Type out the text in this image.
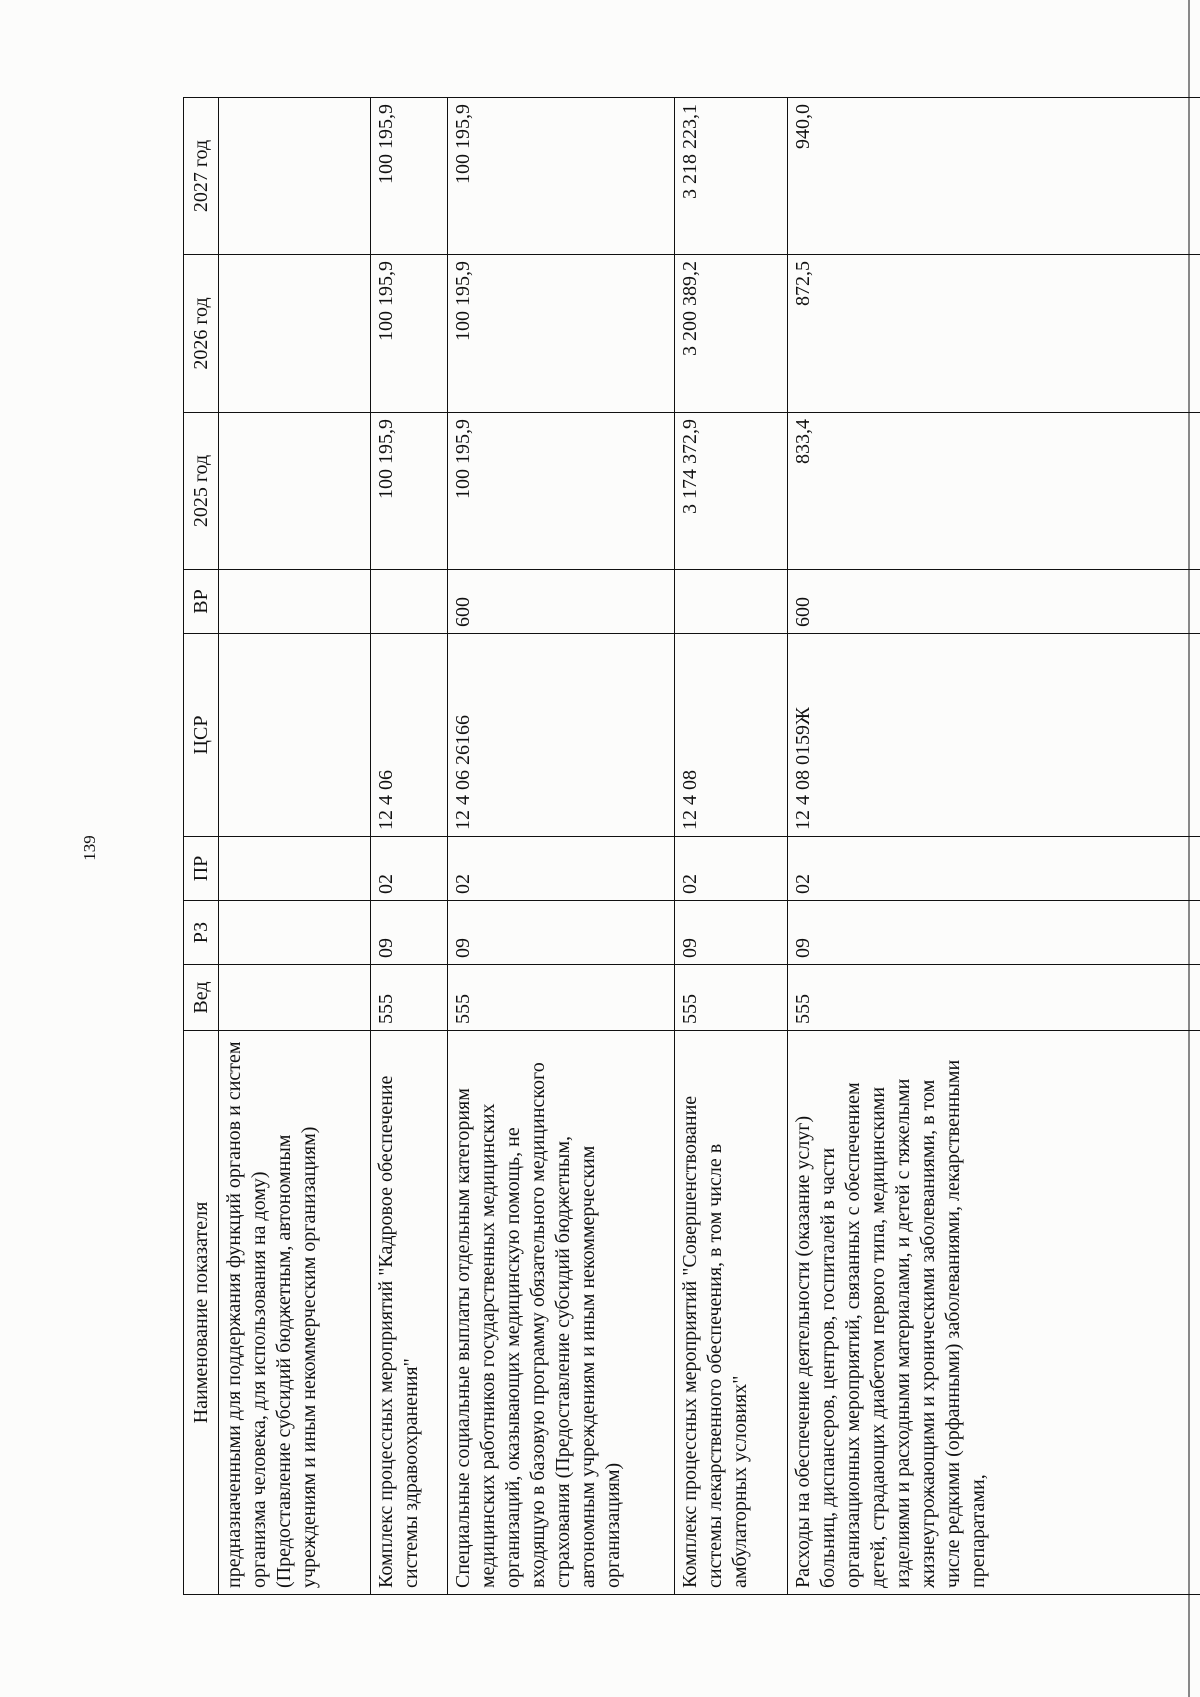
139
Наименование показателя	Вед	РЗ	ПР	ЦСР	ВР	2025 год	2026 год	2027 год
предназначенными для поддержания функций органов и систем организма человека, для использования на дому) (Предоставление субсидий бюджетным, автономным учреждениям и иным некоммерческим организациям)								
Комплекс процессных мероприятий "Кадровое обеспечение системы здравоохранения"	555	09	02	12 4 06		100 195,9	100 195,9	100 195,9
Специальные социальные выплаты отдельным категориям медицинских работников государственных медицинских организаций, оказывающих медицинскую помощь, не входящую в базовую программу обязательного медицинского страхования (Предоставление субсидий бюджетным, автономным учреждениям и иным некоммерческим организациям)	555	09	02	12 4 06 26166	600	100 195,9	100 195,9	100 195,9
Комплекс процессных мероприятий "Совершенствование системы лекарственного обеспечения, в том числе в амбулаторных условиях"	555	09	02	12 4 08		3 174 372,9	3 200 389,2	3 218 223,1
Расходы на обеспечение деятельности (оказание услуг) больниц, диспансеров, центров, госпиталей в части организационных мероприятий, связанных с обеспечением детей, страдающих диабетом первого типа, медицинскими изделиями и расходными материалами, и детей с тяжелыми жизнеугрожающими и хроническими заболеваниями, в том числе редкими (орфанными) заболеваниями, лекарственными препаратами,	555	09	02	12 4 08 0159Ж	600	833,4	872,5	940,0
